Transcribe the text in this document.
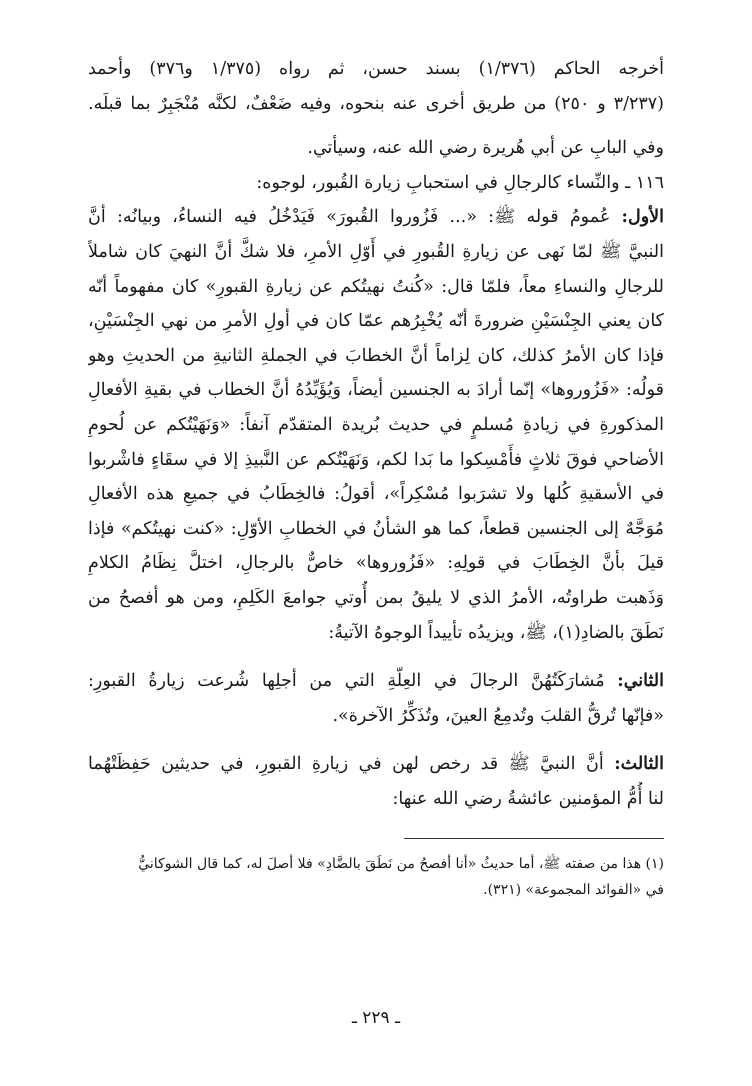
أخرجه الحاكم (١/٣٧٦) بسند حسن، ثم رواه (١/٣٧٥ و٣٧٦) وأحمد
(٣/٢٣٧ و ٢٥٠) من طريق أخرى عنه بنحوه، وفيه ضَعْفٌ، لكنَّه مُنْجَبِرٌ بما قبلَه.
وفي البابِ عن أبي هُريرة رضي الله عنه، وسيأتي.
١١٦ ـ والنِّساء كالرجالِ في استحبابِ زيارة القُبور، لوجوه:
الأول: عُمومُ قوله ﷺ: «... فَزُوروا القُبورَ» فَيَدْخُلُ فيه النساءُ، وبيانُه: أنَّ
النبيَّ ﷺ لمّا نَهى عن زيارةِ القُبورِ في أَوّلِ الأمرِ، فلا شكَّ أنَّ النهيَ كان شاملاً
للرجالِ والنساءِ معاً، فلمّا قال: «كُنتُ نهيتُكم عن زيارةِ القبورِ» كان مفهوماً أنّه
كان يعني الجِنْسَيْنِ ضرورةَ أنّه يُخْبِرُهم عمّا كان في أولِ الأمرِ من نهي الجِنْسَيْنِ،
فإذا كان الأمرُ كذلك، كان لِزاماً أنَّ الخطابَ في الجملةِ الثانيةِ من الحديثِ وهو
قولُه: «فَزُوروها» إنّما أرادَ به الجنسين أيضاً، وَيُؤَيِّدُهُ أنَّ الخطاب في بقيةِ الأفعالِ
المذكورةِ في زيادةِ مُسلمٍ في حديث بُريدة المتقدّم آنفاً: «وَنَهَيْتُكم عن لُحومِ
الأضاحي فوقَ ثلاثٍ فأَمْسِكوا ما بَدا لكم، وَنَهَيْتُكم عن النَّبيذِ إلا في سقَاءٍ فاشْربوا
في الأسقيةِ كُلها ولا تشرَبوا مُسْكِراً»، أقولُ: فالخِطَابُ في جميعِ هذه الأفعالِ
مُوَجَّهٌ إلى الجنسين قطعاً، كما هو الشأنُ في الخطابِ الأوّلِ: «كنت نهيتُكم» فإذا
قيلَ بأنَّ الخِطَابَ في قولِهِ: «فَزُوروها» خاصٌّ بالرجالِ، اختلَّ نِظَامُ الكلامِ
وَذَهبت طراوتُه، الأمرُ الذي لا يليقُ بمن أُوتي جوامعَ الكَلِمِ، ومن هو أفصحُ من
نَطَقَ بالضادِ(١)، ﷺ، ويزيدُه تأييداً الوجوهُ الآتيةُ:
الثاني: مُشارَكَتُهُنَّ الرجالَ في العِلّةِ التي من أجلِها شُرعت زيارةُ القبورِ:
«فإنّها تُرقُّ القلبَ وتُدمِعُ العينَ، وتُذَكِّرُ الآخرة».
الثالث: أنَّ النبيَّ ﷺ قد رخص لهن في زيارةِ القبورِ، في حديثين حَفِظَتْهُما
لنا أُمُّ المؤمنين عائشةُ رضي الله عنها:
(١) هذا من صفته ﷺ، أما حديثُ «أنا أفصحُ من نَطَقَ بالضَّادِ» فلا أصلَ له، كما قال الشوكانيُّ
في «الفوائد المجموعة» (٣٢١).
ـ ٢٢٩ ـ
